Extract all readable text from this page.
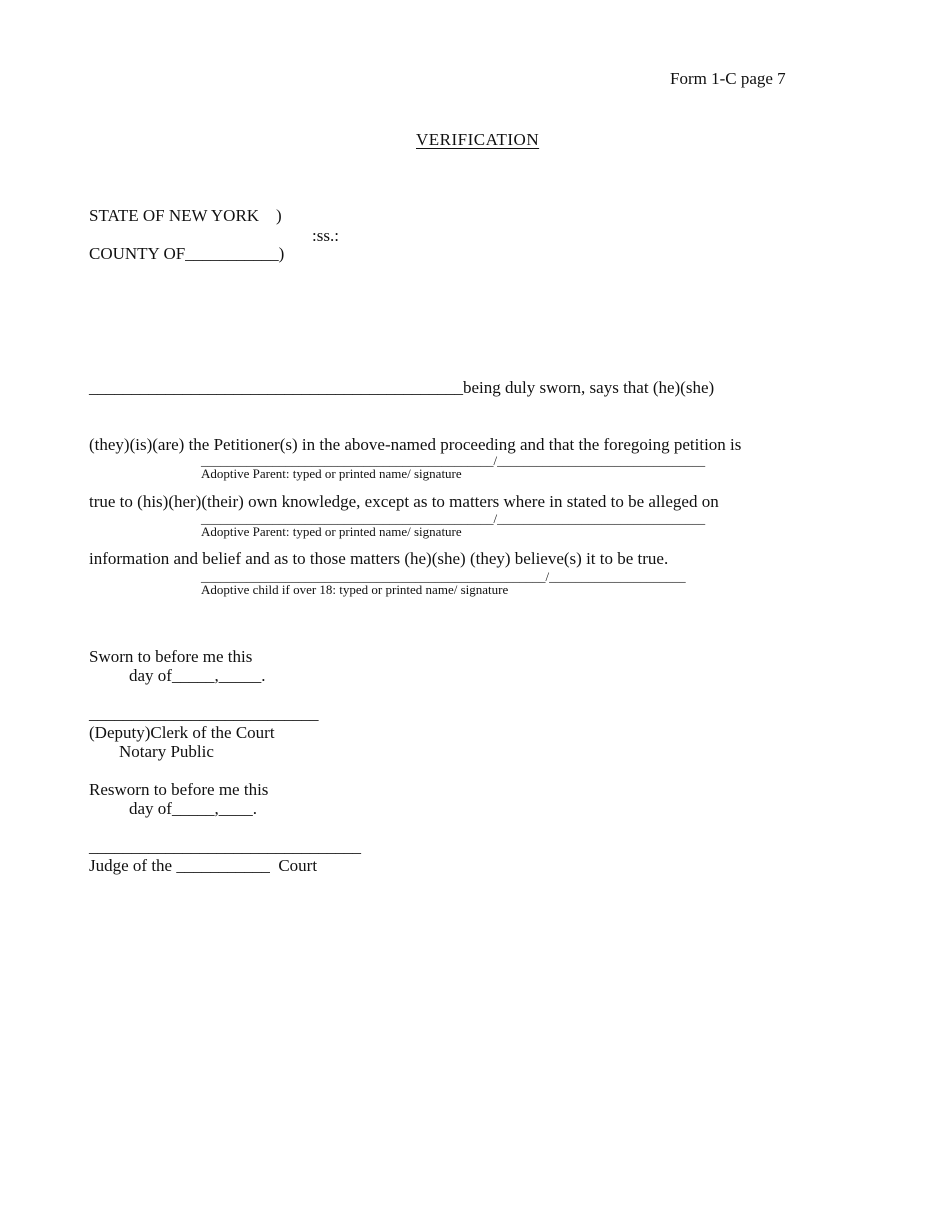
Form 1-C page 7
VERIFICATION
STATE OF NEW YORK    )
:ss.:
COUNTY OF___________)

____________________________________________being duly sworn, says that (he)(she)

(they)(is)(are) the Petitioner(s) in the above-named proceeding and that the foregoing petition is

true to (his)(her)(their) own knowledge, except as to matters where in stated to be alleged on

information and belief and as to those matters (he)(she) (they) believe(s) it to be true.

_____________________________________________/________________________________
Adoptive Parent: typed or printed name/ signature
_____________________________________________/________________________________
Adoptive Parent: typed or printed name/ signature
_____________________________________________________/_____________________
Adoptive child if over 18: typed or printed name/ signature
Sworn to before me this
day of_____,_____.
___________________________
(Deputy)Clerk of the Court
Notary Public
Resworn to before me this
day of_____,____.
________________________________
Judge of the ___________  Court
